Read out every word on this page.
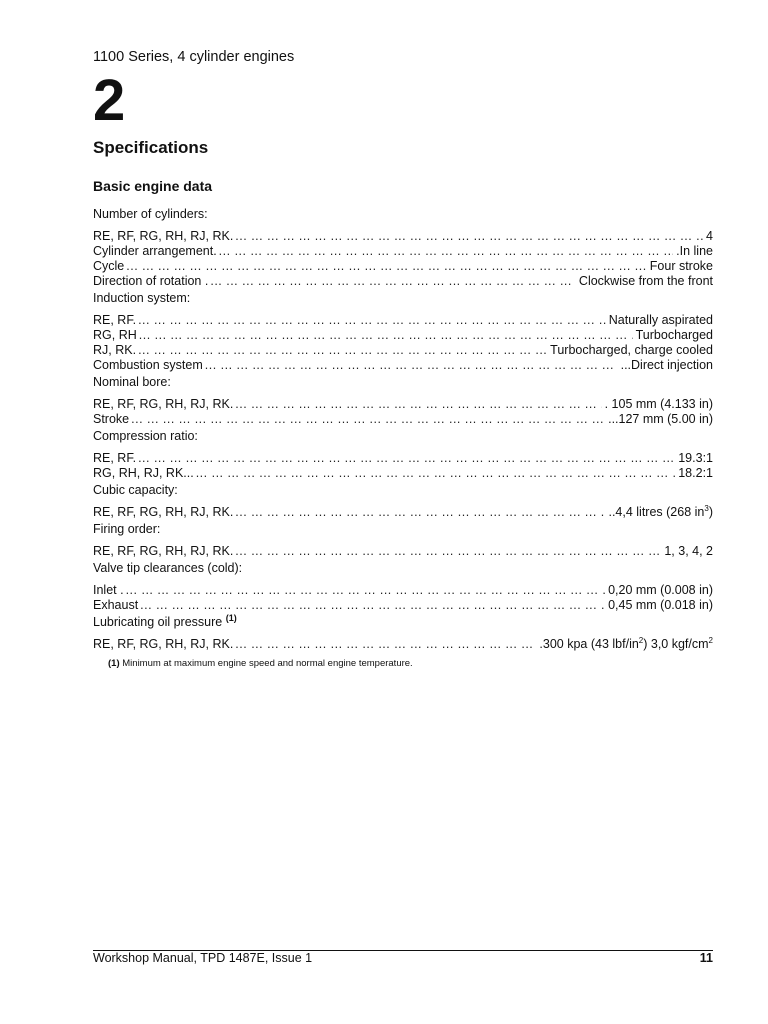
1100 Series, 4 cylinder engines
2
Specifications
Basic engine data
Number of cylinders:
RE, RF, RG, RH, RJ, RK. ... .	4
Cylinder arrangement. ... .	.In line
Cycle ... .	Four stroke
Direction of rotation . ... .	Clockwise from the front
Induction system:
RE, RF. ... .	Naturally aspirated
RG, RH ... .	Turbocharged
RJ, RK. ... .	Turbocharged, charge cooled
Combustion system ... .	...Direct injection
Nominal bore:
RE, RF, RG, RH, RJ, RK. ... .	. 105 mm (4.133 in)
Stroke ... .	...127 mm (5.00 in)
Compression ratio:
RE, RF. ... .	19.3:1
RG, RH, RJ, RK... ... .	18.2:1
Cubic capacity:
RE, RF, RG, RH, RJ, RK. ... .	..4,4 litres (268 $in^3$)
Firing order:
RE, RF, RG, RH, RJ, RK. ... .	1, 3, 4, 2
Valve tip clearances (cold):
Inlet . ... .	0,20 mm (0.008 in)
Exhaust ... .	0,45 mm (0.018 in)
Lubricating oil pressure $^{(1)}$
RE, RF, RG, RH, RJ, RK. ... .	.300 kpa (43 lbf/$in^2$) 3,0 kgf/$cm^2$
(1) Minimum at maximum engine speed and normal engine temperature.
Workshop Manual, TPD 1487E, Issue 1	11
